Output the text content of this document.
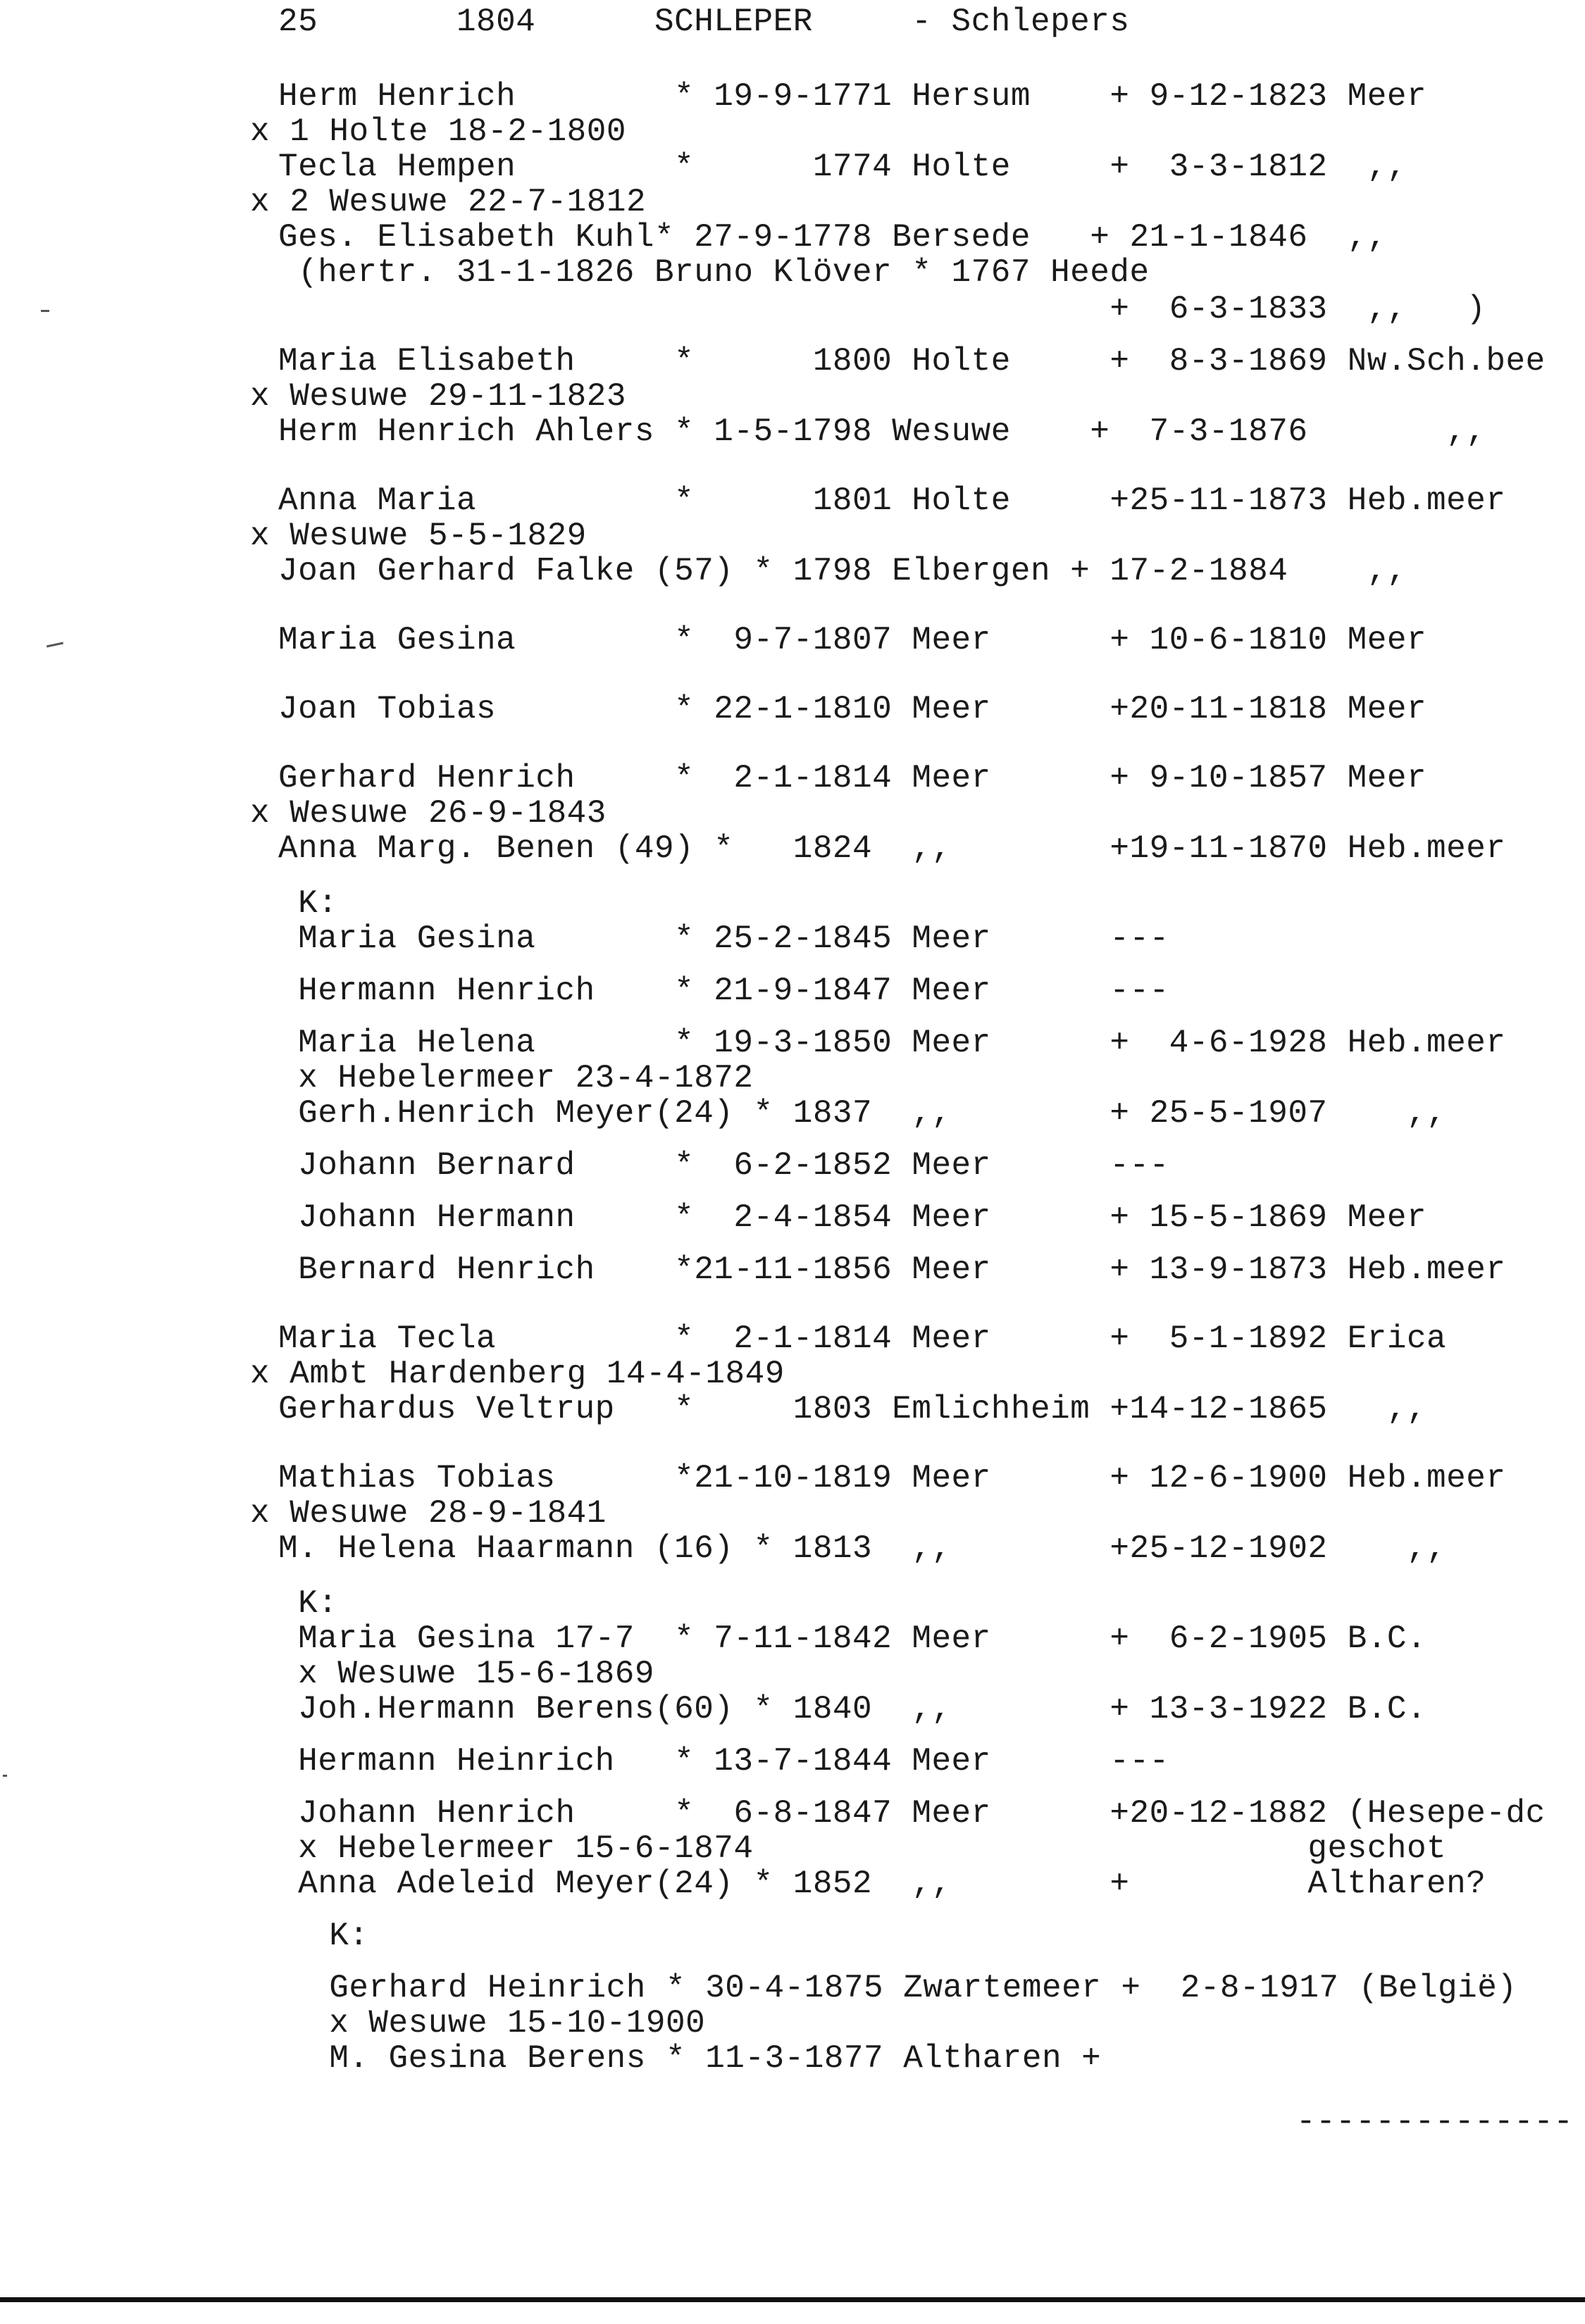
25       1804      SCHLEPER     - Schlepers
Herm Henrich        * 19-9-1771 Hersum    + 9-12-1823 Meer
x 1 Holte 18-2-1800
Tecla Hempen        *      1774 Holte     +  3-3-1812  ,,
x 2 Wesuwe 22-7-1812
Ges. Elisabeth Kuhl* 27-9-1778 Bersede   + 21-1-1846  ,,
(hertr. 31-1-1826 Bruno Klöver * 1767 Heede
+  6-3-1833  ,,   )
Maria Elisabeth     *      1800 Holte     +  8-3-1869 Nw.Sch.bee
x Wesuwe 29-11-1823
Herm Henrich Ahlers * 1-5-1798 Wesuwe    +  7-3-1876       ,,
Anna Maria          *      1801 Holte     +25-11-1873 Heb.meer
x Wesuwe 5-5-1829
Joan Gerhard Falke (57) * 1798 Elbergen + 17-2-1884    ,,
Maria Gesina        *  9-7-1807 Meer      + 10-6-1810 Meer
Joan Tobias         * 22-1-1810 Meer      +20-11-1818 Meer
Gerhard Henrich     *  2-1-1814 Meer      + 9-10-1857 Meer
x Wesuwe 26-9-1843
Anna Marg. Benen (49) *   1824  ,,        +19-11-1870 Heb.meer
K:
Maria Gesina       * 25-2-1845 Meer      ---
Hermann Henrich    * 21-9-1847 Meer      ---
Maria Helena       * 19-3-1850 Meer      +  4-6-1928 Heb.meer
x Hebelermeer 23-4-1872
Gerh.Henrich Meyer(24) * 1837  ,,        + 25-5-1907    ,,
Johann Bernard     *  6-2-1852 Meer      ---
Johann Hermann     *  2-4-1854 Meer      + 15-5-1869 Meer
Bernard Henrich    *21-11-1856 Meer      + 13-9-1873 Heb.meer
Maria Tecla         *  2-1-1814 Meer      +  5-1-1892 Erica
x Ambt Hardenberg 14-4-1849
Gerhardus Veltrup   *     1803 Emlichheim +14-12-1865   ,,
Mathias Tobias      *21-10-1819 Meer      + 12-6-1900 Heb.meer
x Wesuwe 28-9-1841
M. Helena Haarmann (16) * 1813  ,,        +25-12-1902    ,,
K:
Maria Gesina 17-7  * 7-11-1842 Meer      +  6-2-1905 B.C.
x Wesuwe 15-6-1869
Joh.Hermann Berens(60) * 1840  ,,        + 13-3-1922 B.C.
Hermann Heinrich   * 13-7-1844 Meer      ---
Johann Henrich     *  6-8-1847 Meer      +20-12-1882 (Hesepe-dc
x Hebelermeer 15-6-1874                            geschot
Anna Adeleid Meyer(24) * 1852  ,,        +         Altharen?
K:
Gerhard Heinrich * 30-4-1875 Zwartemeer +  2-8-1917 (België)
x Wesuwe 15-10-1900
M. Gesina Berens * 11-3-1877 Altharen +
--------------
